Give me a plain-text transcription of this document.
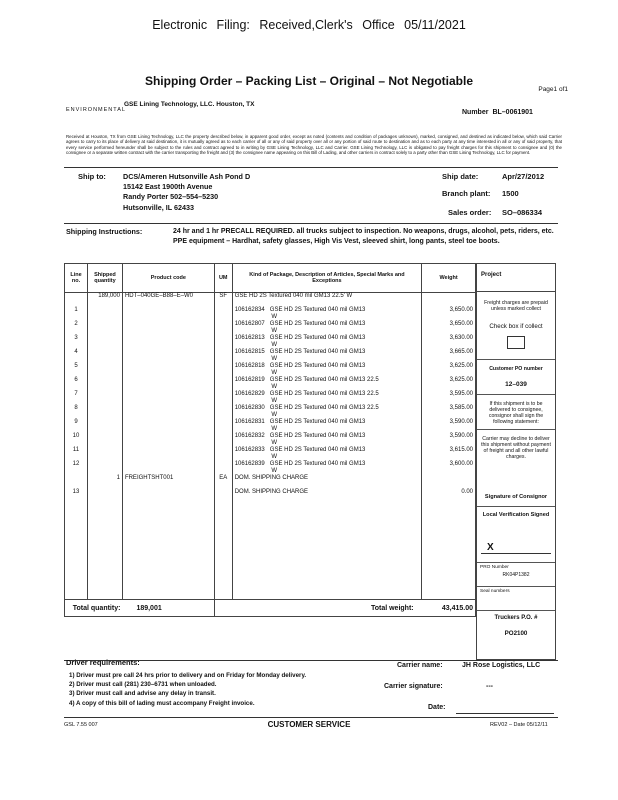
Electronic Filing: Received,Clerk's Office 05/11/2021
Shipping Order – Packing List – Original – Not Negotiable
Page1 of1
ENVIRONMENTAL
GSE Lining Technology, LLC. Houston, TX
Number BL–0061901
Received at Houston, TX from GSE Lining Technology, LLC the property described below, in apparent good order, except as noted (contents and condition of packages unknown), marked, consigned, and destined as indicated below, which said Carrier agrees to carry to its place of delivery at said destination, it is mutually agreed as to each carrier of all or any of said property over all or any portion of said route to destination and as to each party at any time interested in all or any of said property, that every service performed hereunder shall be subject to the rules and contract agreed to in writing by GSE Lining Technology, LLC and Carrier. GSE Lining Technology, LLC is obligated to pay freight charges for this shipment to consignee and (0) the consignee or a separate written contract with the carrier transporting the freight and (3) the consignee name appearing on this Bill of Lading, and other carriers in contract solely to a party other than GSE Lining Technology, LLC for payment.
Ship to: DCS/Ameren Hutsonville Ash Pond D
15142 East 1900th Avenue
Randy Porter 502–554–5230
Hutsonville, IL 62433
Ship date:	Apr/27/2012
Branch plant: 1500
Sales order: SO–086334
Shipping Instructions:	24 hr and 1 hr PRECALL REQUIRED. all trucks subject to inspection. No weapons, drugs, alcohol, pets, riders, etc. PPE equipment – Hardhat, safety glasses, High Vis Vest, sleeved shirt, long pants, steel toe boots.
Line no.	Shipped quantity	Product code	UM	Kind of Package, Description of Articles, Special Marks and Exceptions	Weight
	189,000	HDT–040GE–B88–E–W0	SF	GSE HD 2S Textured 040 mil GM13 22.5' W	
1				106162834 GSE HD 2S Textured 040 mil GM13
W	3,650.00
2				106162807 GSE HD 2S Textured 040 mil GM13
W	3,650.00
3				106162813 GSE HD 2S Textured 040 mil GM13
W	3,630.00
4				106162815 GSE HD 2S Textured 040 mil GM13
W	3,665.00
5				106162818 GSE HD 2S Textured 040 mil GM13
W	3,625.00
6				106162819 GSE HD 2S Textured 040 mil GM13 22.5
W	3,625.00
7				106162829 GSE HD 2S Textured 040 mil GM13 22.5
W	3,595.00
8				106162830 GSE HD 2S Textured 040 mil GM13 22.5
W	3,585.00
9				106162831 GSE HD 2S Textured 040 mil GM13
W	3,590.00
10				106162832 GSE HD 2S Textured 040 mil GM13
W	3,590.00
11				106162833 GSE HD 2S Textured 040 mil GM13
W	3,615.00
12				106162839 GSE HD 2S Textured 040 mil GM13
W	3,600.00
	1	FREIGHTSHT001	EA	DOM. SHIPPING CHARGE	
13				DOM. SHIPPING CHARGE	0.00

Total quantity:		189,001		Total weight:	43,415.00
Project
Freight charges are prepaid unless marked collect
Check box if collect
Customer PO number
12–039
If this shipment is to be delivered to consignee, consignor shall sign the following statement:
Carrier may decline to deliver this shipment without payment of freight and all other lawful charges.
Signature of Consignor
Local Verification Signed
X
PRO Number
RK04P1382
Seal numbers
Truckers P.O. #
PO2100
Driver requirements:
1) Driver must pre call 24 hrs prior to delivery and on Friday for Monday delivery.
2) Driver must call (281) 230–6731 when unloaded.
3) Driver must call and advise any delay in transit.
4) A copy of this bill of lading must accompany Freight invoice.
Carrier name:	JH Rose Logistics, LLC
Carrier signature:	---
Date:
GSL 7.55 007	CUSTOMER SERVICE	REV02 – Date 05/12/11
